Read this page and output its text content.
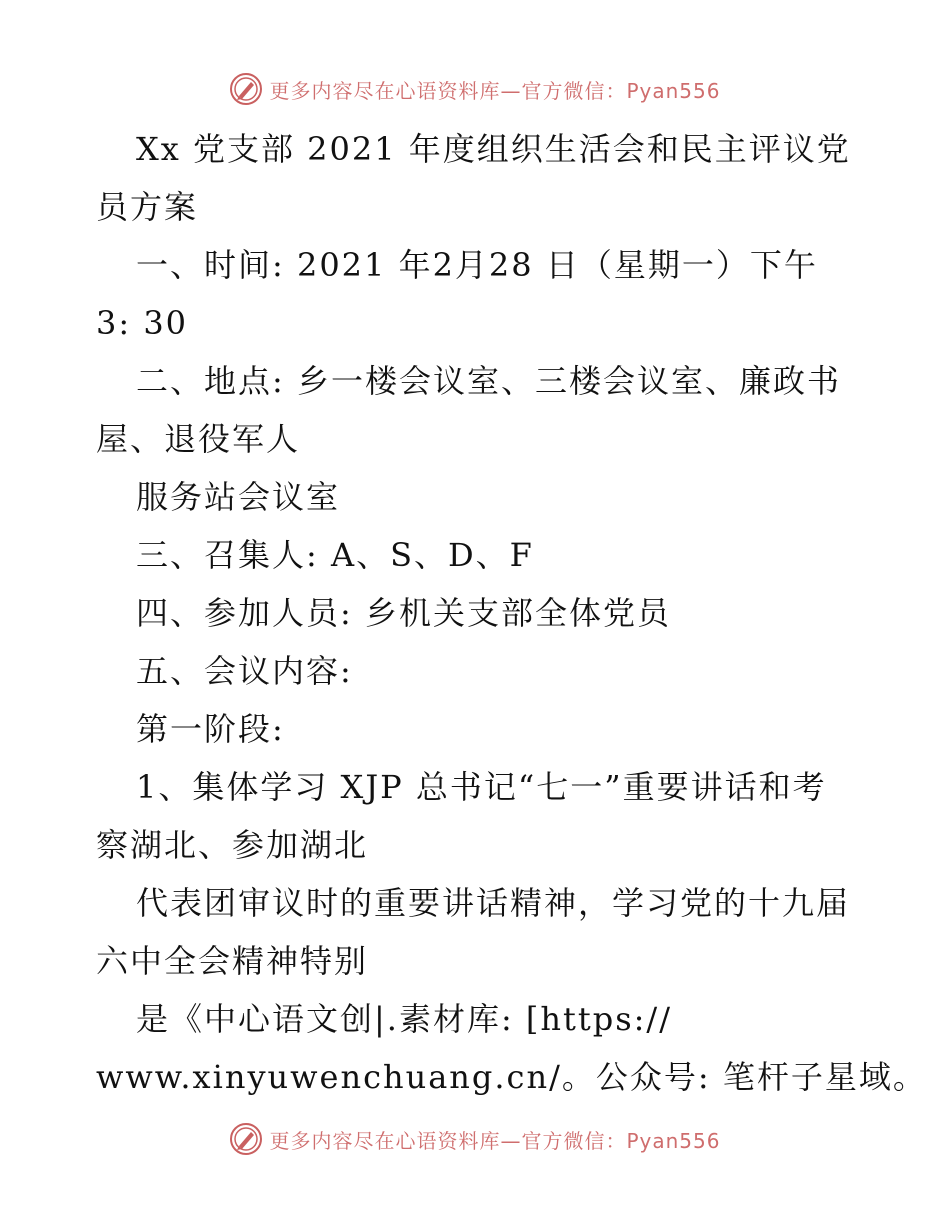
更多内容尽在心语资料库—官方微信：Pyan556
Xx 党支部 2021 年度组织生活会和民主评议党
员方案
一、时间: 2021 年2月28 日（星期一）下午
3: 30
二、地点: 乡一楼会议室、三楼会议室、廉政书
屋、退役军人
服务站会议室
三、召集人: A、S、D、F
四、参加人员: 乡机关支部全体党员
五、会议内容:
第一阶段:
1、集体学习 XJP 总书记“七一”重要讲话和考
察湖北、参加湖北
代表团审议时的重要讲话精神，学习党的十九届
六中全会精神特别
是《中心语文创|.素材库: [https://
www.xinyuwenchuang.cn/。公众号: 笔杆子星域。
更多内容尽在心语资料库—官方微信：Pyan556
